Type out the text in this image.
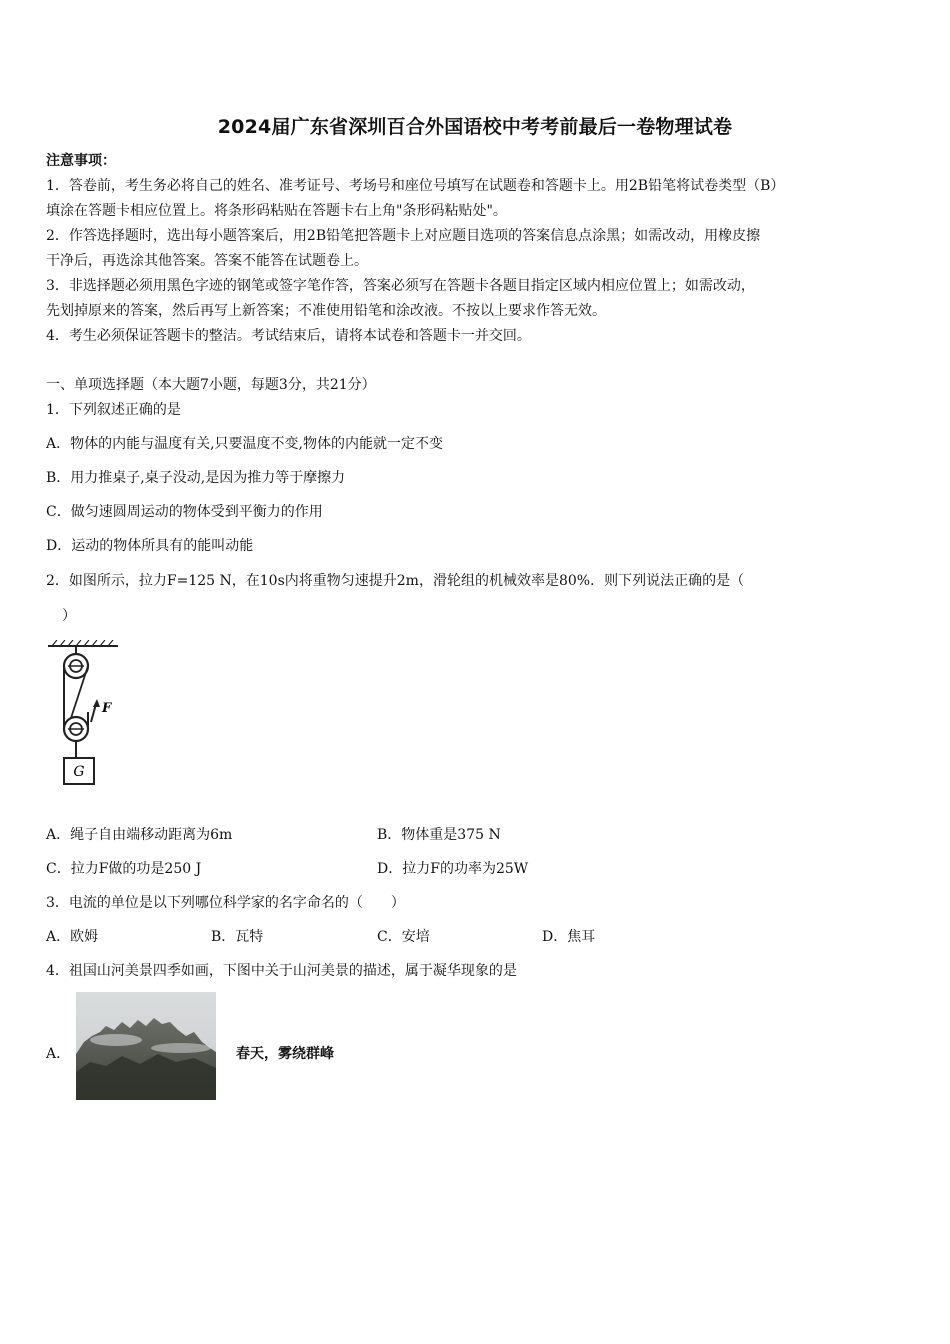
2024届广东省深圳百合外国语校中考考前最后一卷物理试卷
注意事项：
1．答卷前，考生务必将自己的姓名、准考证号、考场号和座位号填写在试题卷和答题卡上。用2B铅笔将试卷类型（B）
填涂在答题卡相应位置上。将条形码粘贴在答题卡右上角"条形码粘贴处"。
2．作答选择题时，选出每小题答案后，用2B铅笔把答题卡上对应题目选项的答案信息点涂黑；如需改动，用橡皮擦
干净后，再选涂其他答案。答案不能答在试题卷上。
3．非选择题必须用黑色字迹的钢笔或签字笔作答，答案必须写在答题卡各题目指定区域内相应位置上；如需改动，
先划掉原来的答案，然后再写上新答案；不准使用铅笔和涂改液。不按以上要求作答无效。
4．考生必须保证答题卡的整洁。考试结束后，请将本试卷和答题卡一并交回。
一、单项选择题（本大题7小题，每题3分，共21分）
1．下列叙述正确的是
A．物体的内能与温度有关,只要温度不变,物体的内能就一定不变
B．用力推桌子,桌子没动,是因为推力等于摩擦力
C．做匀速圆周运动的物体受到平衡力的作用
D．运动的物体所具有的能叫动能
2．如图所示，拉力F=125 N，在10s内将重物匀速提升2m，滑轮组的机械效率是80%．则下列说法正确的是（
）
F
G
A．绳子自由端移动距离为6m	B．物体重是375 N
C．拉力F做的功是250 J	D．拉力F的功率为25W
3．电流的单位是以下列哪位科学家的名字命名的（　　）
A．欧姆	B．瓦特	C．安培	D．焦耳
4．祖国山河美景四季如画，下图中关于山河美景的描述，属于凝华现象的是
A．	春天，雾绕群峰
